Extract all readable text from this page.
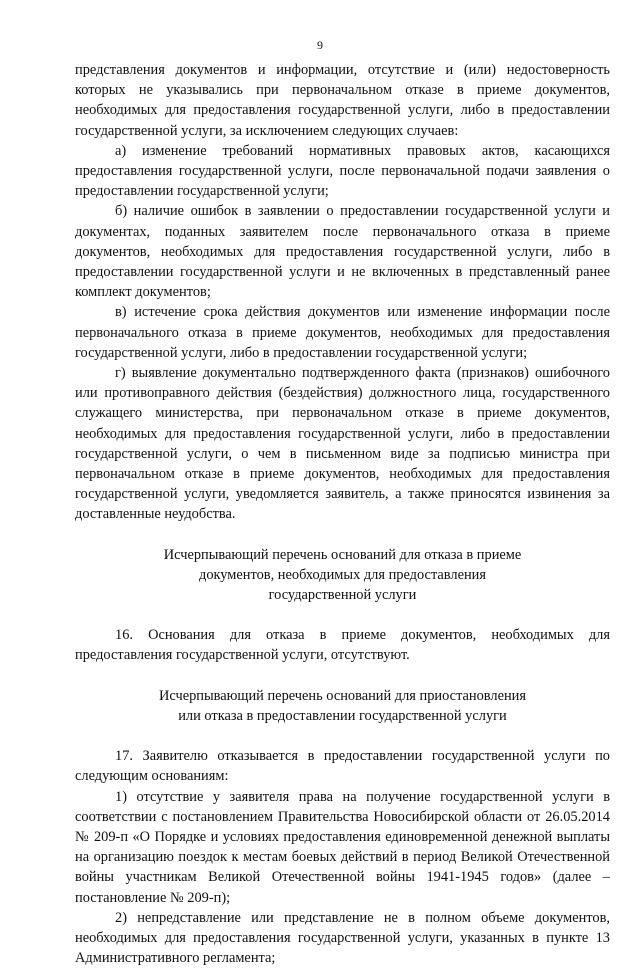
9

представления документов и информации, отсутствие и (или) недостоверность которых не указывались при первоначальном отказе в приеме документов, необходимых для предоставления государственной услуги, либо в предоставлении государственной услуги, за исключением следующих случаев:

а) изменение требований нормативных правовых актов, касающихся предоставления государственной услуги, после первоначальной подачи заявления о предоставлении государственной услуги;

б) наличие ошибок в заявлении о предоставлении государственной услуги и документах, поданных заявителем после первоначального отказа в приеме документов, необходимых для предоставления государственной услуги, либо в предоставлении государственной услуги и не включенных в представленный ранее комплект документов;

в) истечение срока действия документов или изменение информации после первоначального отказа в приеме документов, необходимых для предоставления государственной услуги, либо в предоставлении государственной услуги;

г) выявление документально подтвержденного факта (признаков) ошибочного или противоправного действия (бездействия) должностного лица, государственного служащего министерства, при первоначальном отказе в приеме документов, необходимых для предоставления государственной услуги, либо в предоставлении государственной услуги, о чем в письменном виде за подписью министра при первоначальном отказе в приеме документов, необходимых для предоставления государственной услуги, уведомляется заявитель, а также приносятся извинения за доставленные неудобства.

Исчерпывающий перечень оснований для отказа в приеме
документов, необходимых для предоставления
государственной услуги

16. Основания для отказа в приеме документов, необходимых для предоставления государственной услуги, отсутствуют.

Исчерпывающий перечень оснований для приостановления
или отказа в предоставлении государственной услуги

17. Заявителю отказывается в предоставлении государственной услуги по следующим основаниям:

1) отсутствие у заявителя права на получение государственной услуги в соответствии с постановлением Правительства Новосибирской области от 26.05.2014 № 209-п «О Порядке и условиях предоставления единовременной денежной выплаты на организацию поездок к местам боевых действий в период Великой Отечественной войны участникам Великой Отечественной войны 1941-1945 годов» (далее – постановление № 209-п);

2) непредставление или представление не в полном объеме документов, необходимых для предоставления государственной услуги, указанных в пункте 13 Административного регламента;
